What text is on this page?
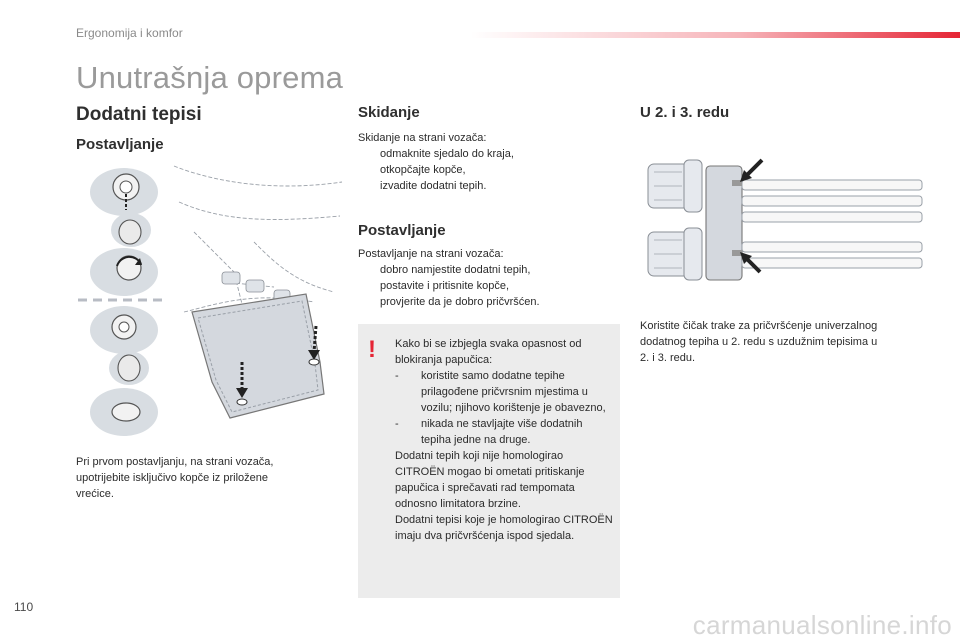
Ergonomija i komfor
Unutrašnja oprema
Dodatni tepisi
Postavljanje
Pri prvom postavljanju, na strani vozača, upotrijebite isključivo kopče iz priložene vrećice.
Skidanje
Skidanje na strani vozača:
odmaknite sjedalo do kraja,
otkopčajte kopče,
izvadite dodatni tepih.
Postavljanje
Postavljanje na strani vozača:
dobro namjestite dodatni tepih,
postavite i pritisnite kopče,
provjerite da je dobro pričvršćen.
! Kako bi se izbjegla svaka opasnost od blokiranja papučica:
- koristite samo dodatne tepihe prilagođene pričvrsnim mjestima u vozilu; njihovo korištenje je obavezno,
- nikada ne stavljajte više dodatnih tepiha jedne na druge.
Dodatni tepih koji nije homologirao CITROËN mogao bi ometati pritiskanje papučica i sprečavati rad tempomata odnosno limitatora brzine.
Dodatni tepisi koje je homologirao CITROËN imaju dva pričvršćenja ispod sjedala.
U 2. i 3. redu
Koristite čičak trake za pričvršćenje univerzalnog dodatnog tepiha u 2. redu s uzdužnim tepisima u 2. i 3. redu.
110
carmanualsonline.info
